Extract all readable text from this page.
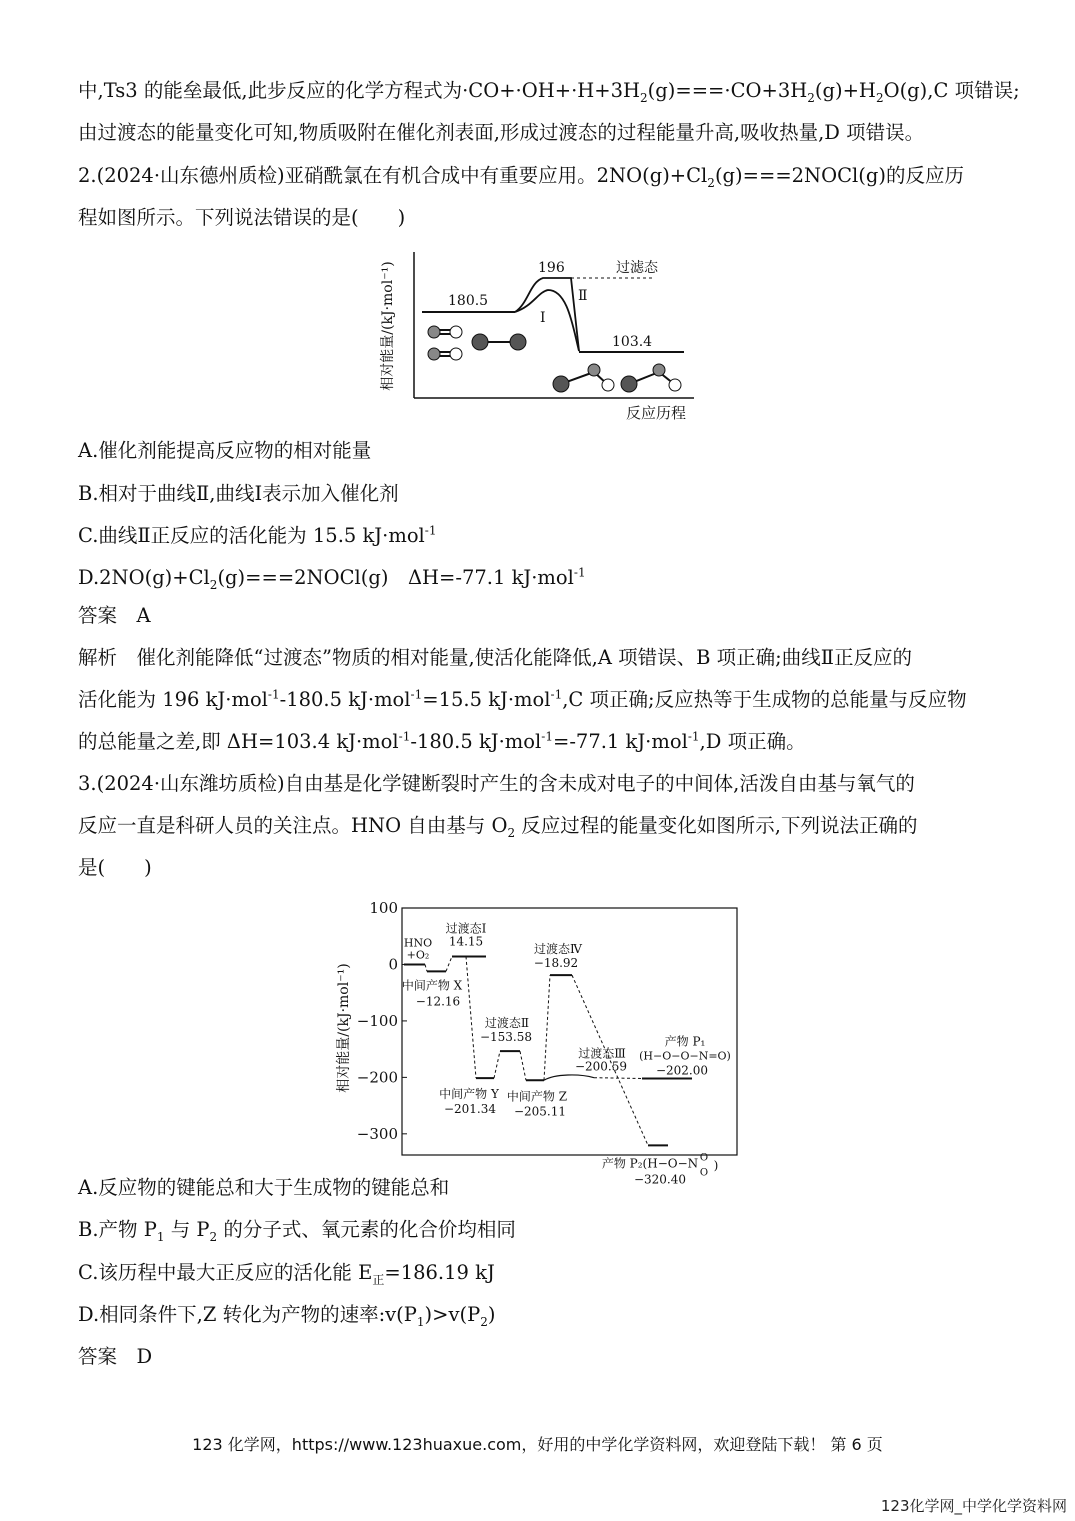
中,Ts3 的能垒最低,此步反应的化学方程式为$\cdot CO+\cdot OH+\cdot H+3H_2(g)===\cdot CO+3H_2(g)+H_2O(g),C$ 项错误;
由过渡态的能量变化可知,物质吸附在催化剂表面,形成过渡态的过程能量升高,吸收热量,D 项错误。
2.(2024·山东德州质检)亚硝酰氯在有机合成中有重要应用。$2NO(g)+Cl_2(g)===2NOCl(g)$的反应历
程如图所示。下列说法错误的是(　　)
相对能量/(kJ·mol⁻¹)
反应历程
180.5
196	过滤态
Ⅱ
Ⅰ
103.4
A.催化剂能提高反应物的相对能量
B.相对于曲线Ⅱ,曲线Ⅰ表示加入催化剂
C.曲线Ⅱ正反应的活化能为 15.5 kJ·mol$^{-1}$
$D.2NO(g)+Cl_2(g)===2NOCl(g)$　ΔH=-77.1 kJ·mol$^{-1}$
答案　A
解析　催化剂能降低“过渡态”物质的相对能量,使活化能降低,A 项错误、B 项正确;曲线Ⅱ正反应的
活化能为 196 kJ·mol$^{-1}$-180.5 kJ·mol$^{-1}$=15.5 kJ·mol$^{-1}$,C 项正确;反应热等于生成物的总能量与反应物
的总能量之差,即 ΔH=103.4 kJ·mol$^{-1}$-180.5 kJ·mol$^{-1}$=-77.1 kJ·mol$^{-1}$,D 项正确。
3.(2024·山东潍坊质检)自由基是化学键断裂时产生的含未成对电子的中间体,活泼自由基与氧气的
反应一直是科研人员的关注点。HNO 自由基与 $O_2$ 反应过程的能量变化如图所示,下列说法正确的
是(　　)
100
0
−100
−200
−300
相对能量/(kJ·mol⁻¹)
HNO
+O₂
过渡态Ⅰ
14.15
中间产物 X
−12.16
过渡态Ⅱ
−153.58
中间产物 Y
−201.34
中间产物 Z
−205.11
过渡态Ⅳ
−18.92
过渡态Ⅲ
−200.59
产物 P₁
(H−O−O−N=O)
−202.00
产物 P₂(H−O−N O
O
)
−320.40
A.反应物的键能总和大于生成物的键能总和
B.产物 $P_1$ 与 $P_2$ 的分子式、氧元素的化合价均相同
C.该历程中最大正反应的活化能 $E_正=186.19$ kJ
D.相同条件下,Z 转化为产物的速率$:v(P_1)>v(P_2)$
答案　D
123 化学网，https://www.123huaxue.com，好用的中学化学资料网，欢迎登陆下载！ 第 6 页
123化学网_中学化学资料网
